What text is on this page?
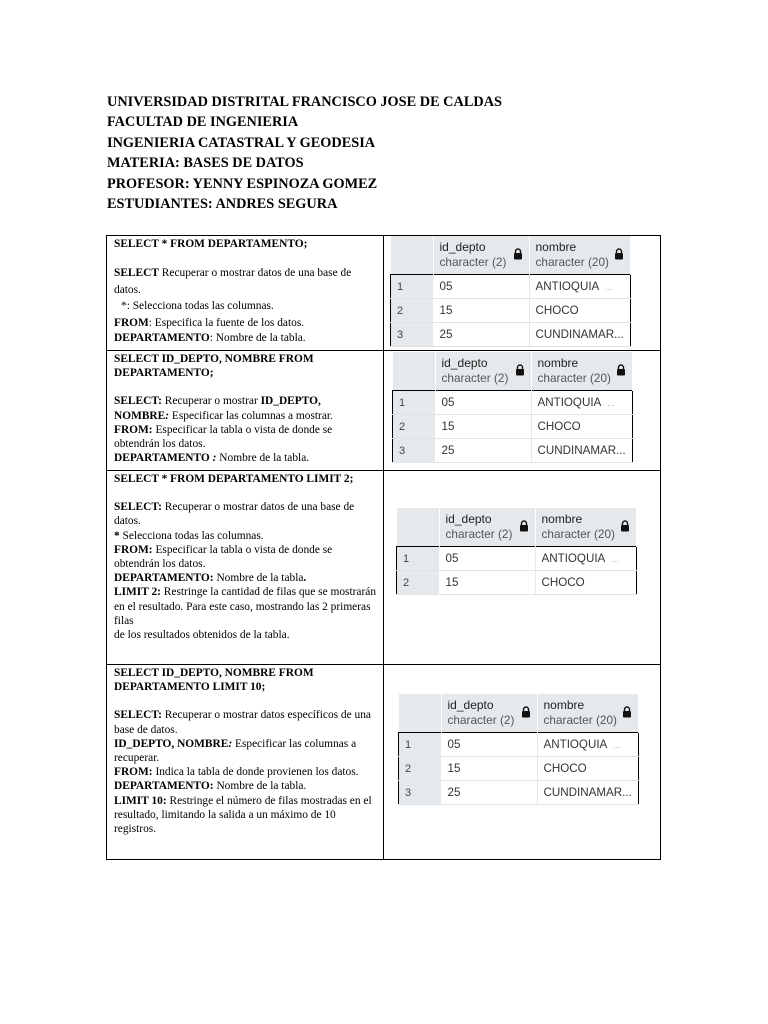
UNIVERSIDAD DISTRITAL FRANCISCO JOSE DE CALDAS
FACULTAD DE INGENIERIA
INGENIERIA CATASTRAL Y GEODESIA
MATERIA: BASES DE DATOS
PROFESOR: YENNY ESPINOZA GOMEZ
ESTUDIANTES: ANDRES SEGURA
SELECT * FROM DEPARTAMENTO;
SELECT Recuperar o mostrar datos de una base de datos.
*: Selecciona todas las columnas.
FROM: Especifica la fuente de los datos.
DEPARTAMENTO: Nombre de la tabla.

id_depto
character (2)

nombre
character (20)

1	05	ANTIOQUIA ...
2	15	CHOCO
3	25	CUNDINAMAR...

SELECT ID_DEPTO, NOMBRE FROM DEPARTAMENTO;
SELECT: Recuperar o mostrar ID_DEPTO,
NOMBRE: Especificar las columnas a mostrar.
FROM: Especificar la tabla o vista de donde se obtendrán los datos.
DEPARTAMENTO : Nombre de la tabla.

id_depto
character (2)

nombre
character (20)

1	05	ANTIOQUIA ...
2	15	CHOCO
3	25	CUNDINAMAR...

SELECT * FROM DEPARTAMENTO LIMIT 2;
SELECT: Recuperar o mostrar datos de una base de datos.
* Selecciona todas las columnas.
FROM: Especificar la tabla o vista de donde se obtendrán los datos.
DEPARTAMENTO: Nombre de la tabla.
LIMIT 2: Restringe la cantidad de filas que se mostrarán en el resultado. Para este caso, mostrando las 2 primeras filas
de los resultados obtenidos de la tabla.

id_depto
character (2)

nombre
character (20)

1	05	ANTIOQUIA ...
2	15	CHOCO

SELECT ID_DEPTO, NOMBRE FROM DEPARTAMENTO LIMIT 10;
SELECT: Recuperar o mostrar datos específicos de una base de datos.
ID_DEPTO, NOMBRE: Especificar las columnas a recuperar.
FROM: Indica la tabla de donde provienen los datos.
DEPARTAMENTO: Nombre de la tabla.
LIMIT 10: Restringe el número de filas mostradas en el resultado, limitando la salida a un máximo de 10 registros.

id_depto
character (2)

nombre
character (20)

1	05	ANTIOQUIA ...
2	15	CHOCO
3	25	CUNDINAMAR...
